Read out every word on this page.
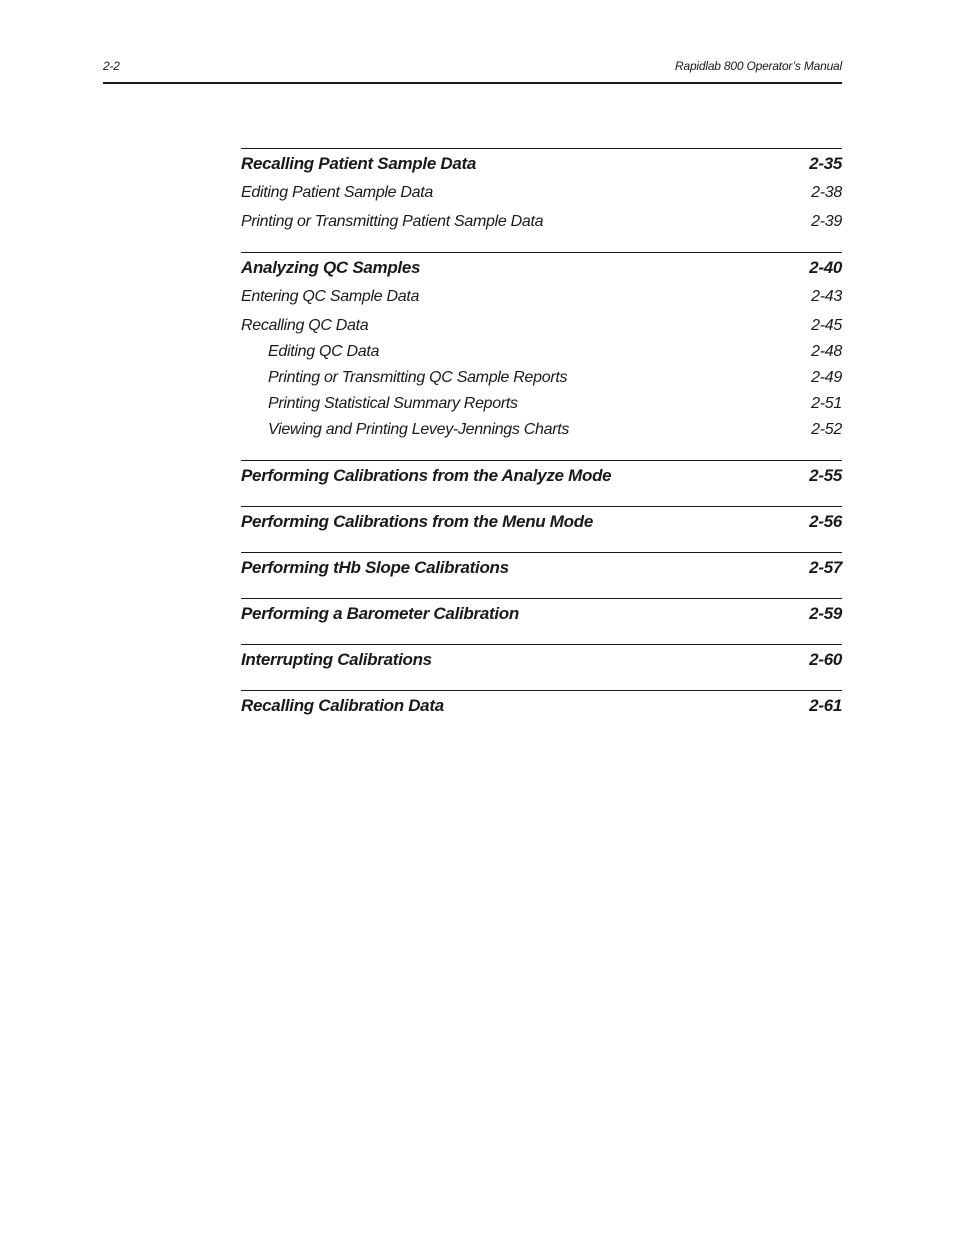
2-2	Rapidlab 800 Operator’s Manual
Recalling Patient Sample Data	2-35
Editing Patient Sample Data	2-38
Printing or Transmitting Patient Sample Data	2-39
Analyzing QC Samples	2-40
Entering QC Sample Data	2-43
Recalling QC Data	2-45
Editing QC Data	2-48
Printing or Transmitting QC Sample Reports	2-49
Printing Statistical Summary Reports	2-51
Viewing and Printing Levey-Jennings Charts	2-52
Performing Calibrations from the Analyze Mode	2-55
Performing Calibrations from the Menu Mode	2-56
Performing tHb Slope Calibrations	2-57
Performing a Barometer Calibration	2-59
Interrupting Calibrations	2-60
Recalling Calibration Data	2-61
